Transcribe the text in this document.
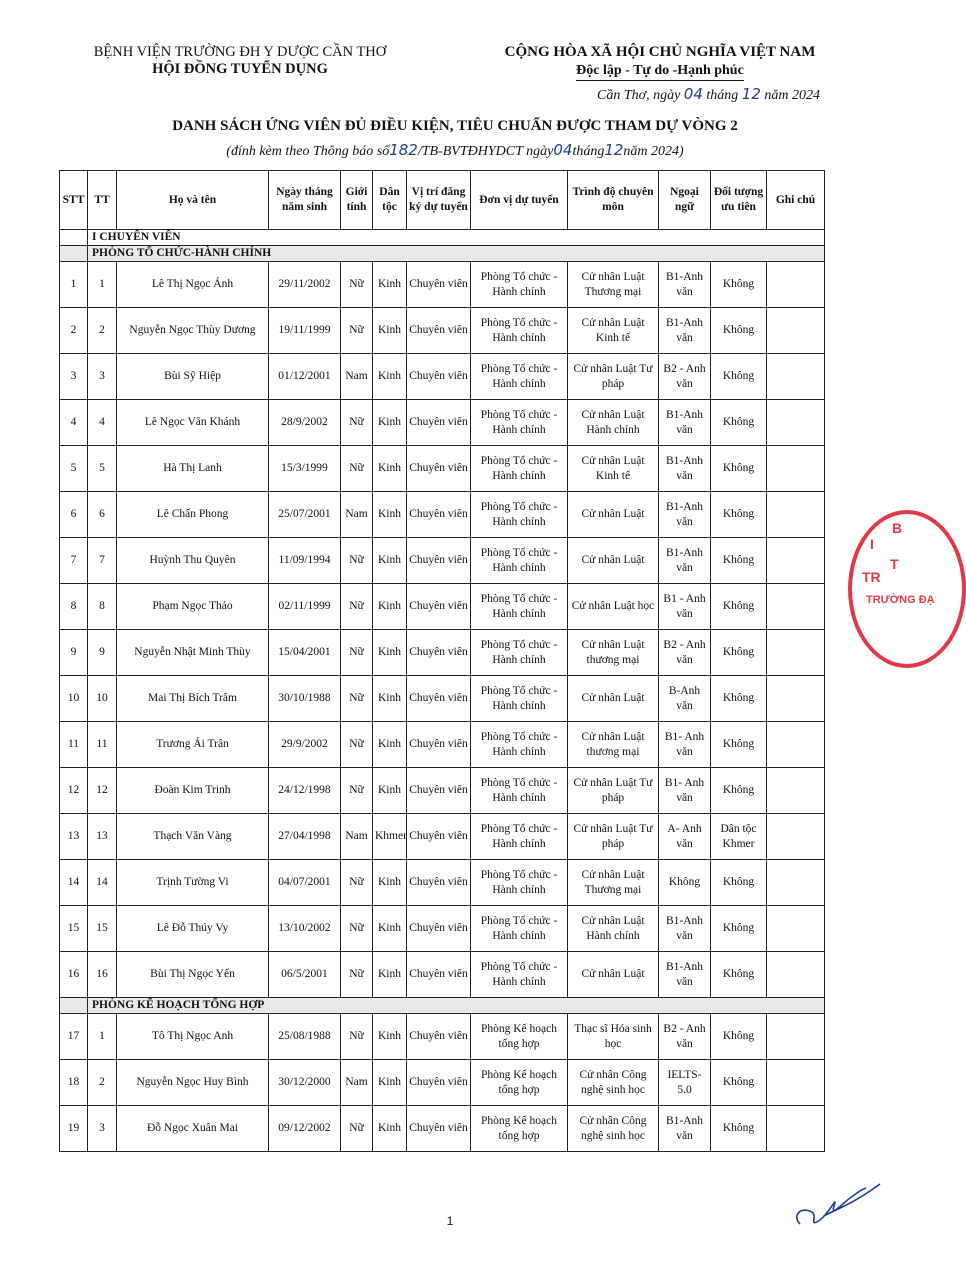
BỆNH VIỆN TRƯỜNG ĐH Y DƯỢC CẦN THƠ
HỘI ĐỒNG TUYỂN DỤNG
CỘNG HÒA XÃ HỘI CHỦ NGHĨA VIỆT NAM
Độc lập - Tự do -Hạnh phúc
Cần Thơ, ngày 04 tháng 12 năm 2024
DANH SÁCH ỨNG VIÊN ĐỦ ĐIỀU KIỆN, TIÊU CHUẨN ĐƯỢC THAM DỰ VÒNG 2
(đính kèm theo Thông báo số182/TB-BVTĐHYDCT ngày04tháng12năm 2024)
STT	TT	Họ và tên	Ngày tháng năm sinh	Giới tính	Dân tộc	Vị trí đăng ký dự tuyển	Đơn vị dự tuyển	Trình độ chuyên môn	Ngoại ngữ	Đối tượng ưu tiên	Ghi chú
	I CHUYÊN VIÊN										
	PHÒNG TỔ CHỨC-HÀNH CHÍNH										
1	1	Lê Thị Ngọc Ánh	29/11/2002	Nữ	Kinh	Chuyên viên	Phòng Tổ chức - Hành chính	Cử nhân Luật Thương mại	B1-Anh văn	Không	
2	2	Nguyễn Ngọc Thùy Dương	19/11/1999	Nữ	Kinh	Chuyên viên	Phòng Tổ chức - Hành chính	Cử nhân Luật Kinh tế	B1-Anh văn	Không	
3	3	Bùi Sỹ Hiệp	01/12/2001	Nam	Kinh	Chuyên viên	Phòng Tổ chức - Hành chính	Cử nhân Luật Tư pháp	B2 - Anh văn	Không	
4	4	Lê Ngọc Vân Khánh	28/9/2002	Nữ	Kinh	Chuyên viên	Phòng Tổ chức - Hành chính	Cử nhân Luật Hành chính	B1-Anh văn	Không	
5	5	Hà Thị Lanh	15/3/1999	Nữ	Kinh	Chuyên viên	Phòng Tổ chức - Hành chính	Cử nhân Luật Kinh tế	B1-Anh văn	Không	
6	6	Lê Chấn Phong	25/07/2001	Nam	Kinh	Chuyên viên	Phòng Tổ chức - Hành chính	Cử nhân Luật	B1-Anh văn	Không	
7	7	Huỳnh Thu Quyên	11/09/1994	Nữ	Kinh	Chuyên viên	Phòng Tổ chức - Hành chính	Cử nhân Luật	B1-Anh văn	Không	
8	8	Phạm Ngọc Thảo	02/11/1999	Nữ	Kinh	Chuyên viên	Phòng Tổ chức - Hành chính	Cử nhân Luật học	B1 - Anh văn	Không	
9	9	Nguyễn Nhật Minh Thùy	15/04/2001	Nữ	Kinh	Chuyên viên	Phòng Tổ chức - Hành chính	Cử nhân Luật thương mại	B2 - Anh văn	Không	
10	10	Mai Thị Bích Trâm	30/10/1988	Nữ	Kinh	Chuyên viên	Phòng Tổ chức - Hành chính	Cử nhân Luật	B-Anh văn	Không	
11	11	Trương Ái Trân	29/9/2002	Nữ	Kinh	Chuyên viên	Phòng Tổ chức - Hành chính	Cử nhân Luật thương mại	B1- Anh văn	Không	
12	12	Đoàn Kim Trinh	24/12/1998	Nữ	Kinh	Chuyên viên	Phòng Tổ chức - Hành chính	Cử nhân Luật Tư pháp	B1- Anh văn	Không	
13	13	Thạch Văn Vàng	27/04/1998	Nam	Khmer	Chuyên viên	Phòng Tổ chức - Hành chính	Cử nhân Luật Tư pháp	A- Anh văn	Dân tộc Khmer	
14	14	Trịnh Tường Vi	04/07/2001	Nữ	Kinh	Chuyên viên	Phòng Tổ chức - Hành chính	Cử nhân Luật Thương mại	Không	Không	
15	15	Lê Đỗ Thúy Vy	13/10/2002	Nữ	Kinh	Chuyên viên	Phòng Tổ chức - Hành chính	Cử nhân Luật Hành chính	B1-Anh văn	Không	
16	16	Bùi Thị Ngọc Yến	06/5/2001	Nữ	Kinh	Chuyên viên	Phòng Tổ chức - Hành chính	Cử nhân Luật	B1-Anh văn	Không	
	PHÒNG KẾ HOẠCH TỔNG HỢP										
17	1	Tô Thị Ngọc Anh	25/08/1988	Nữ	Kinh	Chuyên viên	Phòng Kế hoạch tổng hợp	Thạc sĩ Hóa sinh học	B2 - Anh văn	Không	
18	2	Nguyễn Ngọc Huy Bình	30/12/2000	Nam	Kinh	Chuyên viên	Phòng Kế hoạch tổng hợp	Cử nhân Công nghệ sinh học	IELTS-5.0	Không	
19	3	Đỗ Ngọc Xuân Mai	09/12/2002	Nữ	Kinh	Chuyên viên	Phòng Kế hoạch tổng hợp	Cử nhân Công nghệ sinh học	B1-Anh văn	Không	
B
I
T
TR
TRƯỜNG ĐẠ
1
